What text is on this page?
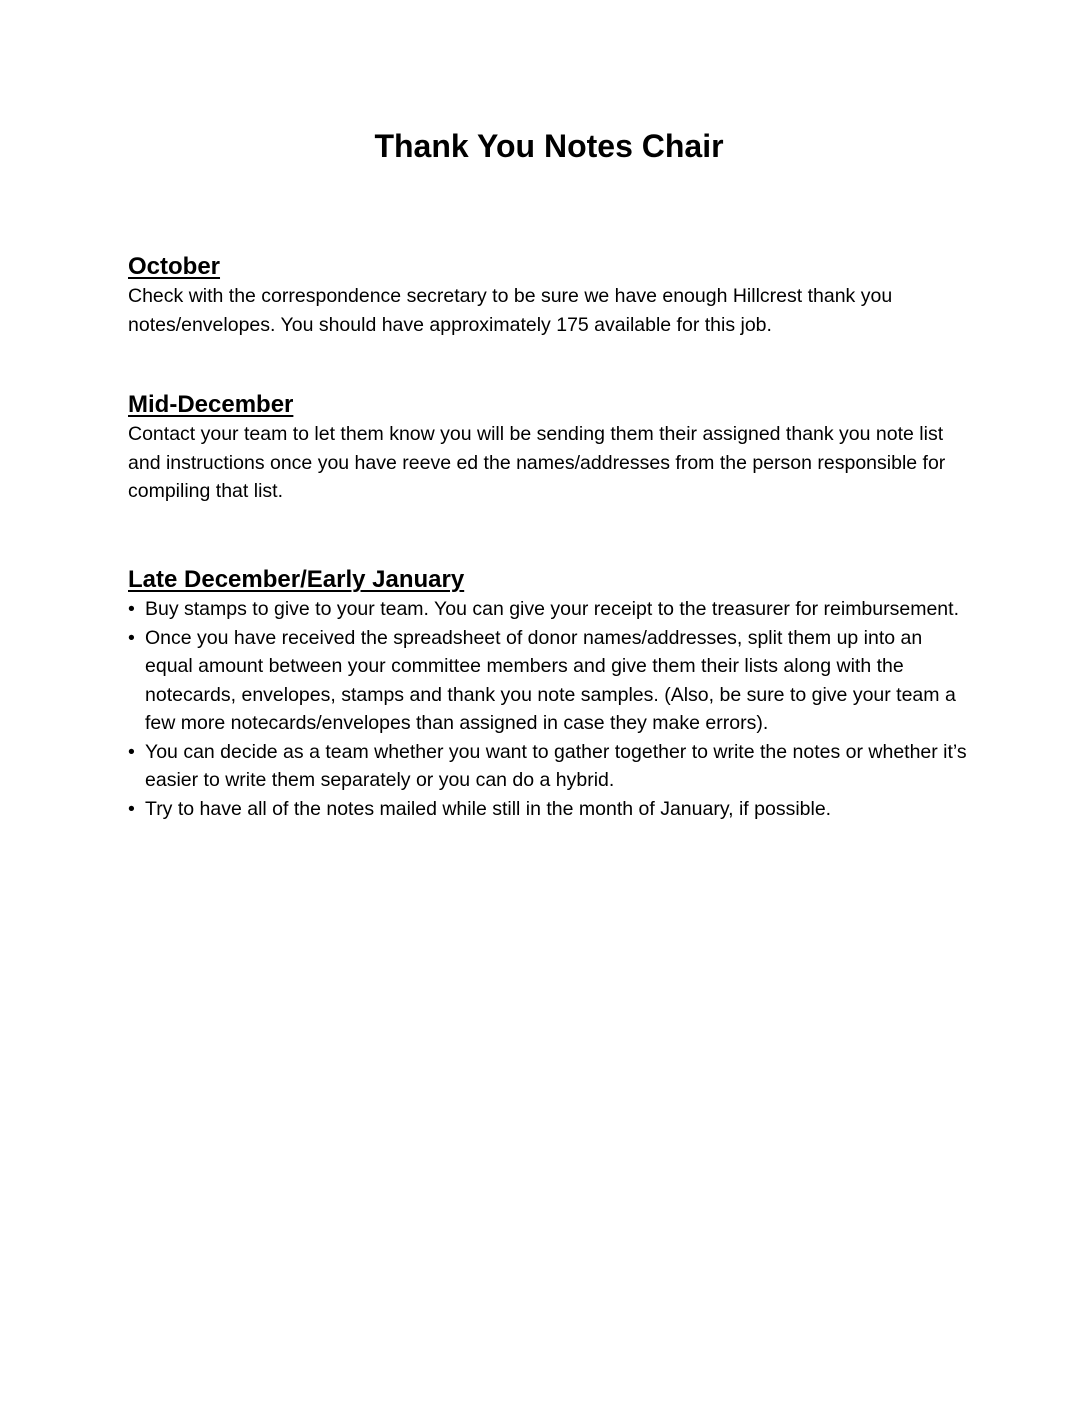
Thank You Notes Chair
October

Check with the correspondence secretary to be sure we have enough Hillcrest thank you notes/envelopes. You should have approximately 175 available for this job.

Mid-December

Contact your team to let them know you will be sending them their assigned thank you note list and instructions once you have reeve ed the names/addresses from the person responsible for compiling that list.

Late December/Early January
• Buy stamps to give to your team. You can give your receipt to the treasurer for reimbursement.
• Once you have received the spreadsheet of donor names/addresses, split them up into an equal amount between your committee members and give them their lists along with the notecards, envelopes, stamps and thank you note samples. (Also, be sure to give your team a few more notecards/envelopes than assigned in case they make errors).
• You can decide as a team whether you want to gather together to write the notes or whether it’s easier to write them separately or you can do a hybrid.
• Try to have all of the notes mailed while still in the month of January, if possible.
